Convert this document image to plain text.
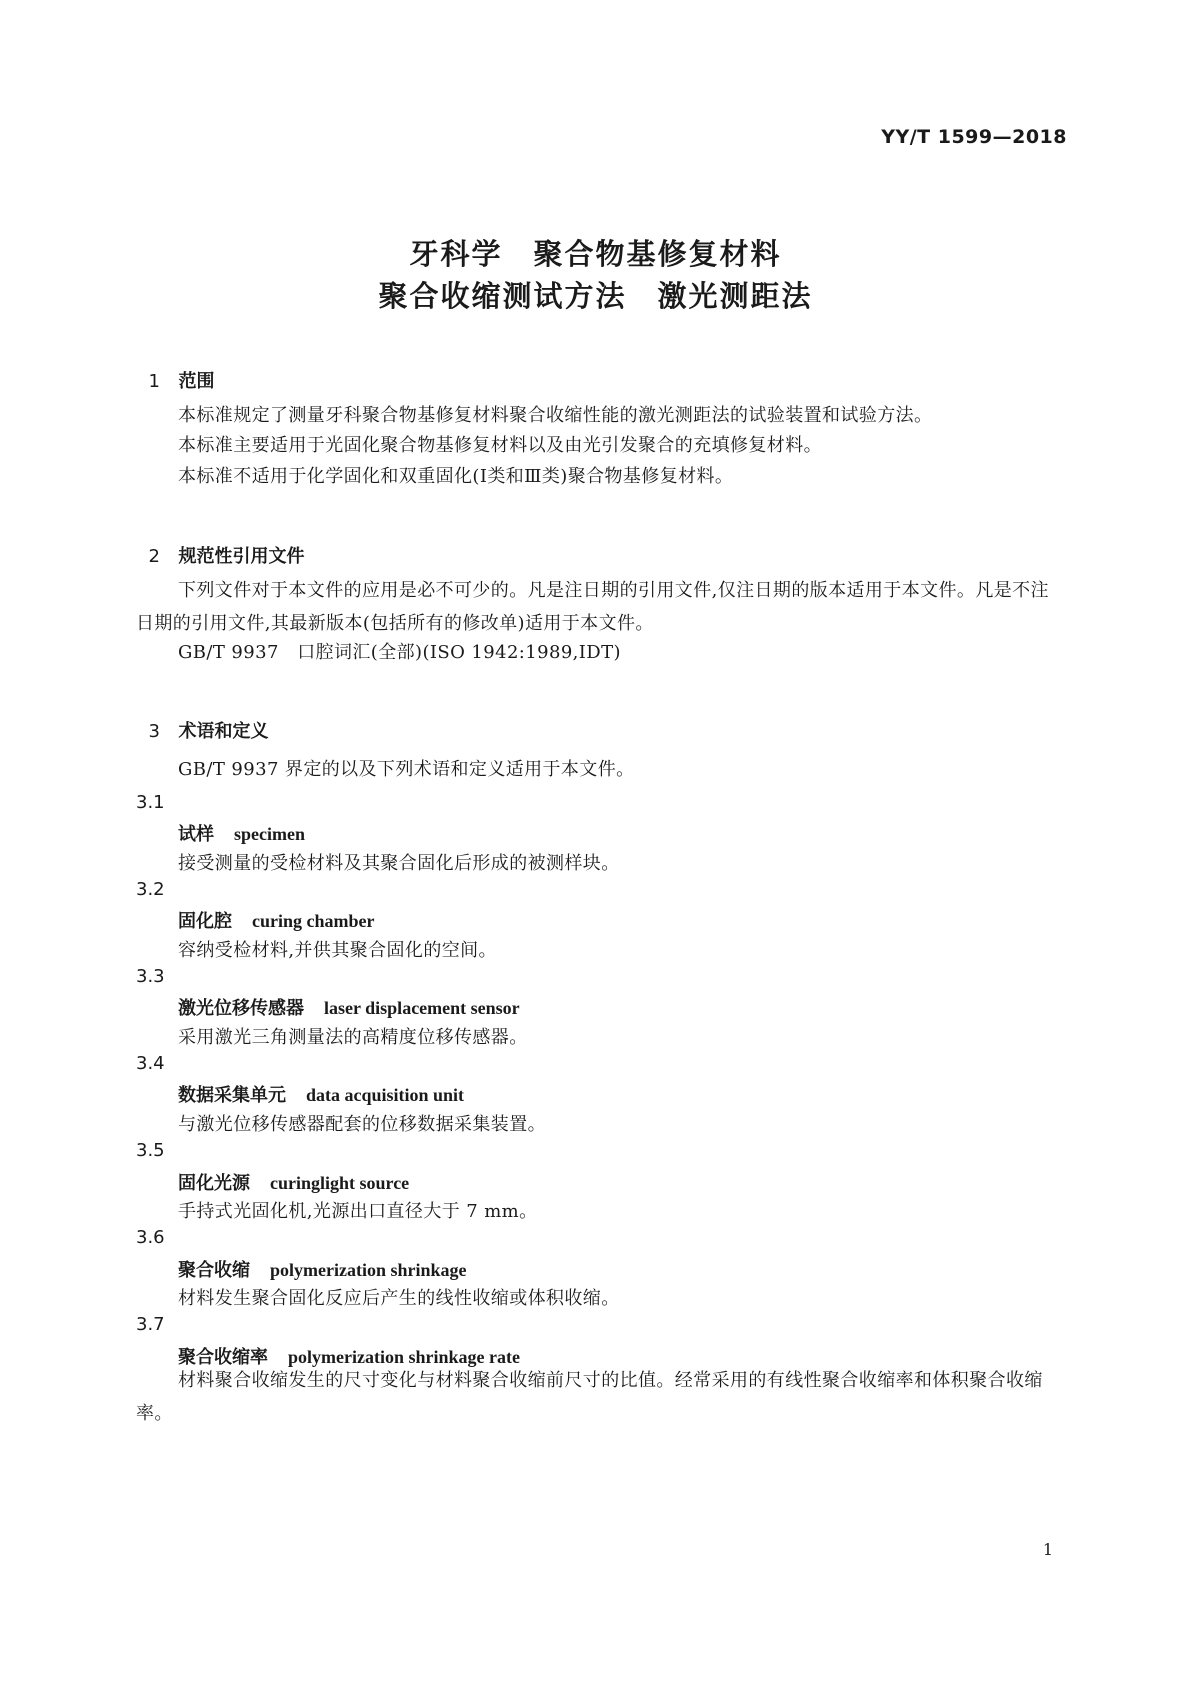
YY/T 1599—2018
牙科学　聚合物基修复材料
聚合收缩测试方法　激光测距法

1 范围

本标准规定了测量牙科聚合物基修复材料聚合收缩性能的激光测距法的试验装置和试验方法。
本标准主要适用于光固化聚合物基修复材料以及由光引发聚合的充填修复材料。
本标准不适用于化学固化和双重固化(Ⅰ类和Ⅲ类)聚合物基修复材料。

2 规范性引用文件

下列文件对于本文件的应用是必不可少的。凡是注日期的引用文件,仅注日期的版本适用于本文件。凡是不注日期的引用文件,其最新版本(包括所有的修改单)适用于本文件。
GB/T 9937　口腔词汇(全部)(ISO 1942:1989,IDT)

3 术语和定义

GB/T 9937 界定的以及下列术语和定义适用于本文件。
3.1
试样 specimen
接受测量的受检材料及其聚合固化后形成的被测样块。
3.2
固化腔 curing chamber
容纳受检材料,并供其聚合固化的空间。
3.3
激光位移传感器 laser displacement sensor
采用激光三角测量法的高精度位移传感器。
3.4
数据采集单元 data acquisition unit
与激光位移传感器配套的位移数据采集装置。
3.5
固化光源 curinglight source
手持式光固化机,光源出口直径大于 7 mm。
3.6
聚合收缩 polymerization shrinkage
材料发生聚合固化反应后产生的线性收缩或体积收缩。
3.7
聚合收缩率 polymerization shrinkage rate
材料聚合收缩发生的尺寸变化与材料聚合收缩前尺寸的比值。经常采用的有线性聚合收缩率和体积聚合收缩率。
1
